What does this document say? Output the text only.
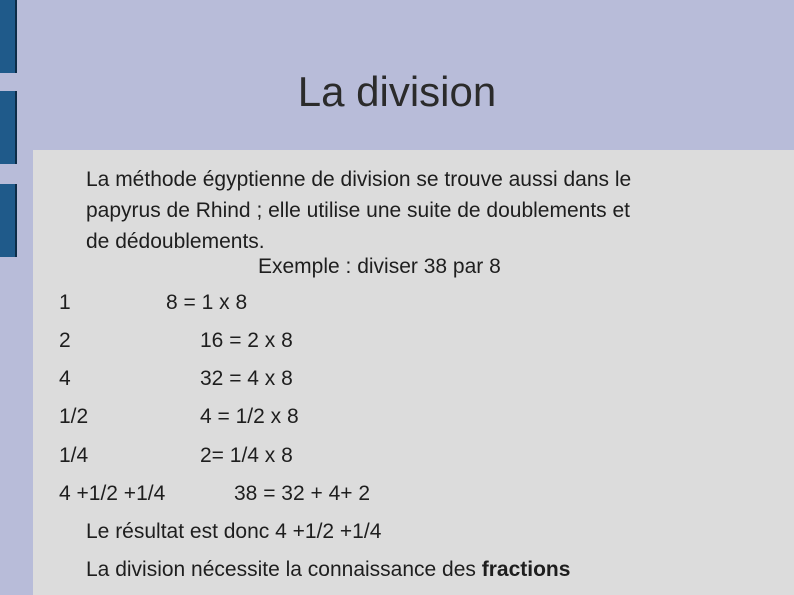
La division
La méthode égyptienne de division se trouve aussi dans le
papyrus de Rhind ; elle utilise une suite de doublements et
de dédoublements.
Exemple : diviser 38 par 8
1	8 = 1 x 8
2	16 = 2 x 8
4	32 = 4 x 8
1/2	4 = 1/2 x 8
1/4	2= 1/4 x 8
4 +1/2 +1/4	38 = 32 + 4+ 2
Le résultat est donc 4 +1/2 +1/4
La division nécessite la connaissance des fractions
